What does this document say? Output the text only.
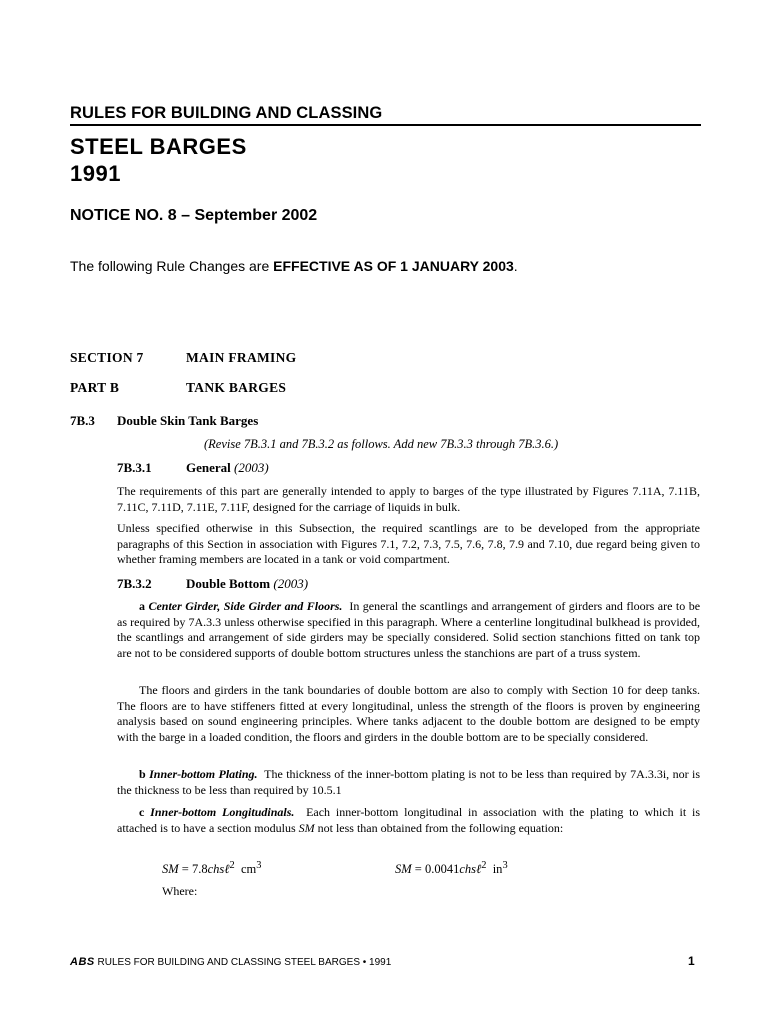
RULES FOR BUILDING AND CLASSING
STEEL BARGES
1991
NOTICE NO. 8 – September 2002
The following Rule Changes are EFFECTIVE AS OF 1 JANUARY 2003.
SECTION 7	MAIN FRAMING
PART B	TANK BARGES
7B.3 Double Skin Tank Barges
(Revise 7B.3.1 and 7B.3.2 as follows. Add new 7B.3.3 through 7B.3.6.)
7B.3.1	General (2003)
The requirements of this part are generally intended to apply to barges of the type illustrated by Figures 7.11A, 7.11B, 7.11C, 7.11D, 7.11E, 7.11F, designed for the carriage of liquids in bulk.
Unless specified otherwise in this Subsection, the required scantlings are to be developed from the appropriate paragraphs of this Section in association with Figures 7.1, 7.2, 7.3, 7.5, 7.6, 7.8, 7.9 and 7.10, due regard being given to whether framing members are located in a tank or void compartment.
7B.3.2	Double Bottom (2003)
a Center Girder, Side Girder and Floors. In general the scantlings and arrangement of girders and floors are to be as required by 7A.3.3 unless otherwise specified in this paragraph. Where a centerline longitudinal bulkhead is provided, the scantlings and arrangement of side girders may be specially considered. Solid section stanchions fitted on tank top are not to be considered supports of double bottom structures unless the stanchions are part of a truss system.
The floors and girders in the tank boundaries of double bottom are also to comply with Section 10 for deep tanks. The floors are to have stiffeners fitted at every longitudinal, unless the strength of the floors is proven by engineering analysis based on sound engineering principles. Where tanks adjacent to the double bottom are designed to be empty with the barge in a loaded condition, the floors and girders in the double bottom are to be specially considered.
b Inner-bottom Plating. The thickness of the inner-bottom plating is not to be less than required by 7A.3.3i, nor is the thickness to be less than required by 10.5.1
c Inner-bottom Longitudinals. Each inner-bottom longitudinal in association with the plating to which it is attached is to have a section modulus SM not less than obtained from the following equation:
SM = 7.8chsℓ$^2$ $cm^3$	SM = 0.0041chsℓ$^2$ $in^3$
Where:
ABS RULES FOR BUILDING AND CLASSING STEEL BARGES • 1991	1
